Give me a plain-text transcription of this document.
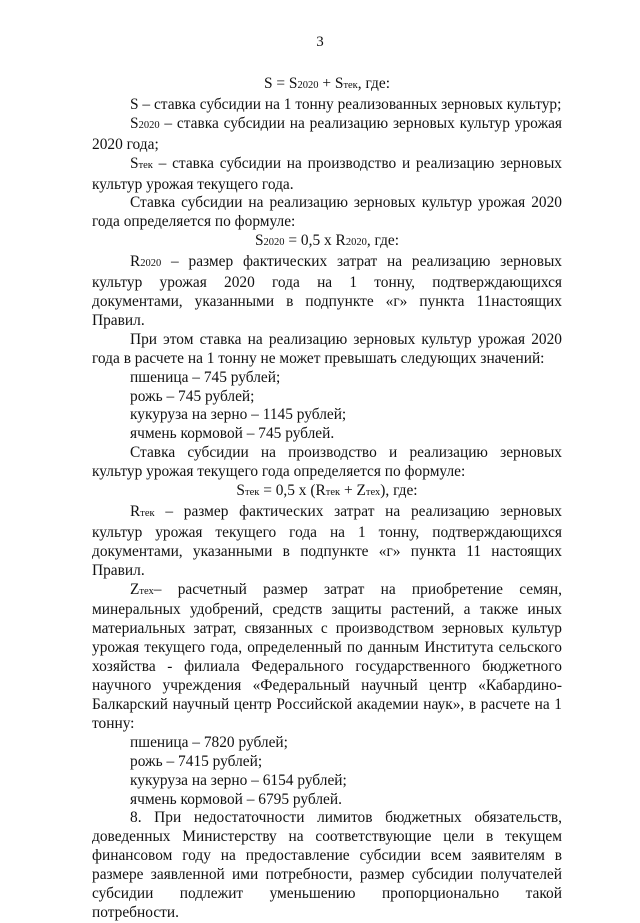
3

S = S2020 + Sтек, где:

S – ставка субсидии на 1 тонну реализованных зерновых культур;

S2020 – ставка субсидии на реализацию зерновых культур урожая 2020 года;

Sтек – ставка субсидии на производство и реализацию зерновых культур урожая текущего года.

Ставка субсидии на реализацию зерновых культур урожая 2020 года определяется по формуле:

S2020 = 0,5 x R2020, где:

R2020 – размер фактических затрат на реализацию зерновых культур урожая 2020 года на 1 тонну, подтверждающихся документами, указанными в подпункте «г» пункта 11настоящих Правил.

При этом ставка на реализацию зерновых культур урожая 2020 года в расчете на 1 тонну не может превышать следующих значений:

пшеница – 745 рублей;

рожь – 745 рублей;

кукуруза на зерно – 1145 рублей;

ячмень кормовой – 745 рублей.

Ставка субсидии на производство и реализацию зерновых культур урожая текущего года определяется по формуле:

Sтек = 0,5 x (Rтек + Zтех), где:

Rтек – размер фактических затрат на реализацию зерновых культур урожая текущего года на 1 тонну, подтверждающихся документами, указанными в подпункте «г» пункта 11 настоящих Правил.

Zтех– расчетный размер затрат на приобретение семян, минеральных удобрений, средств защиты растений, а также иных материальных затрат, связанных с производством зерновых культур урожая текущего года, определенный по данным Института сельского хозяйства - филиала Федерального государственного бюджетного научного учреждения «Федеральный научный центр «Кабардино-Балкарский научный центр Российской академии наук», в расчете на 1 тонну:

пшеница – 7820 рублей;

рожь – 7415 рублей;

кукуруза на зерно – 6154 рублей;

ячмень кормовой – 6795 рублей.

8. При недостаточности лимитов бюджетных обязательств, доведенных Министерству на соответствующие цели в текущем финансовом году на предоставление субсидии всем заявителям в размере заявленной ими потребности, размер субсидии получателей субсидии подлежит уменьшению пропорционально такой потребности.
